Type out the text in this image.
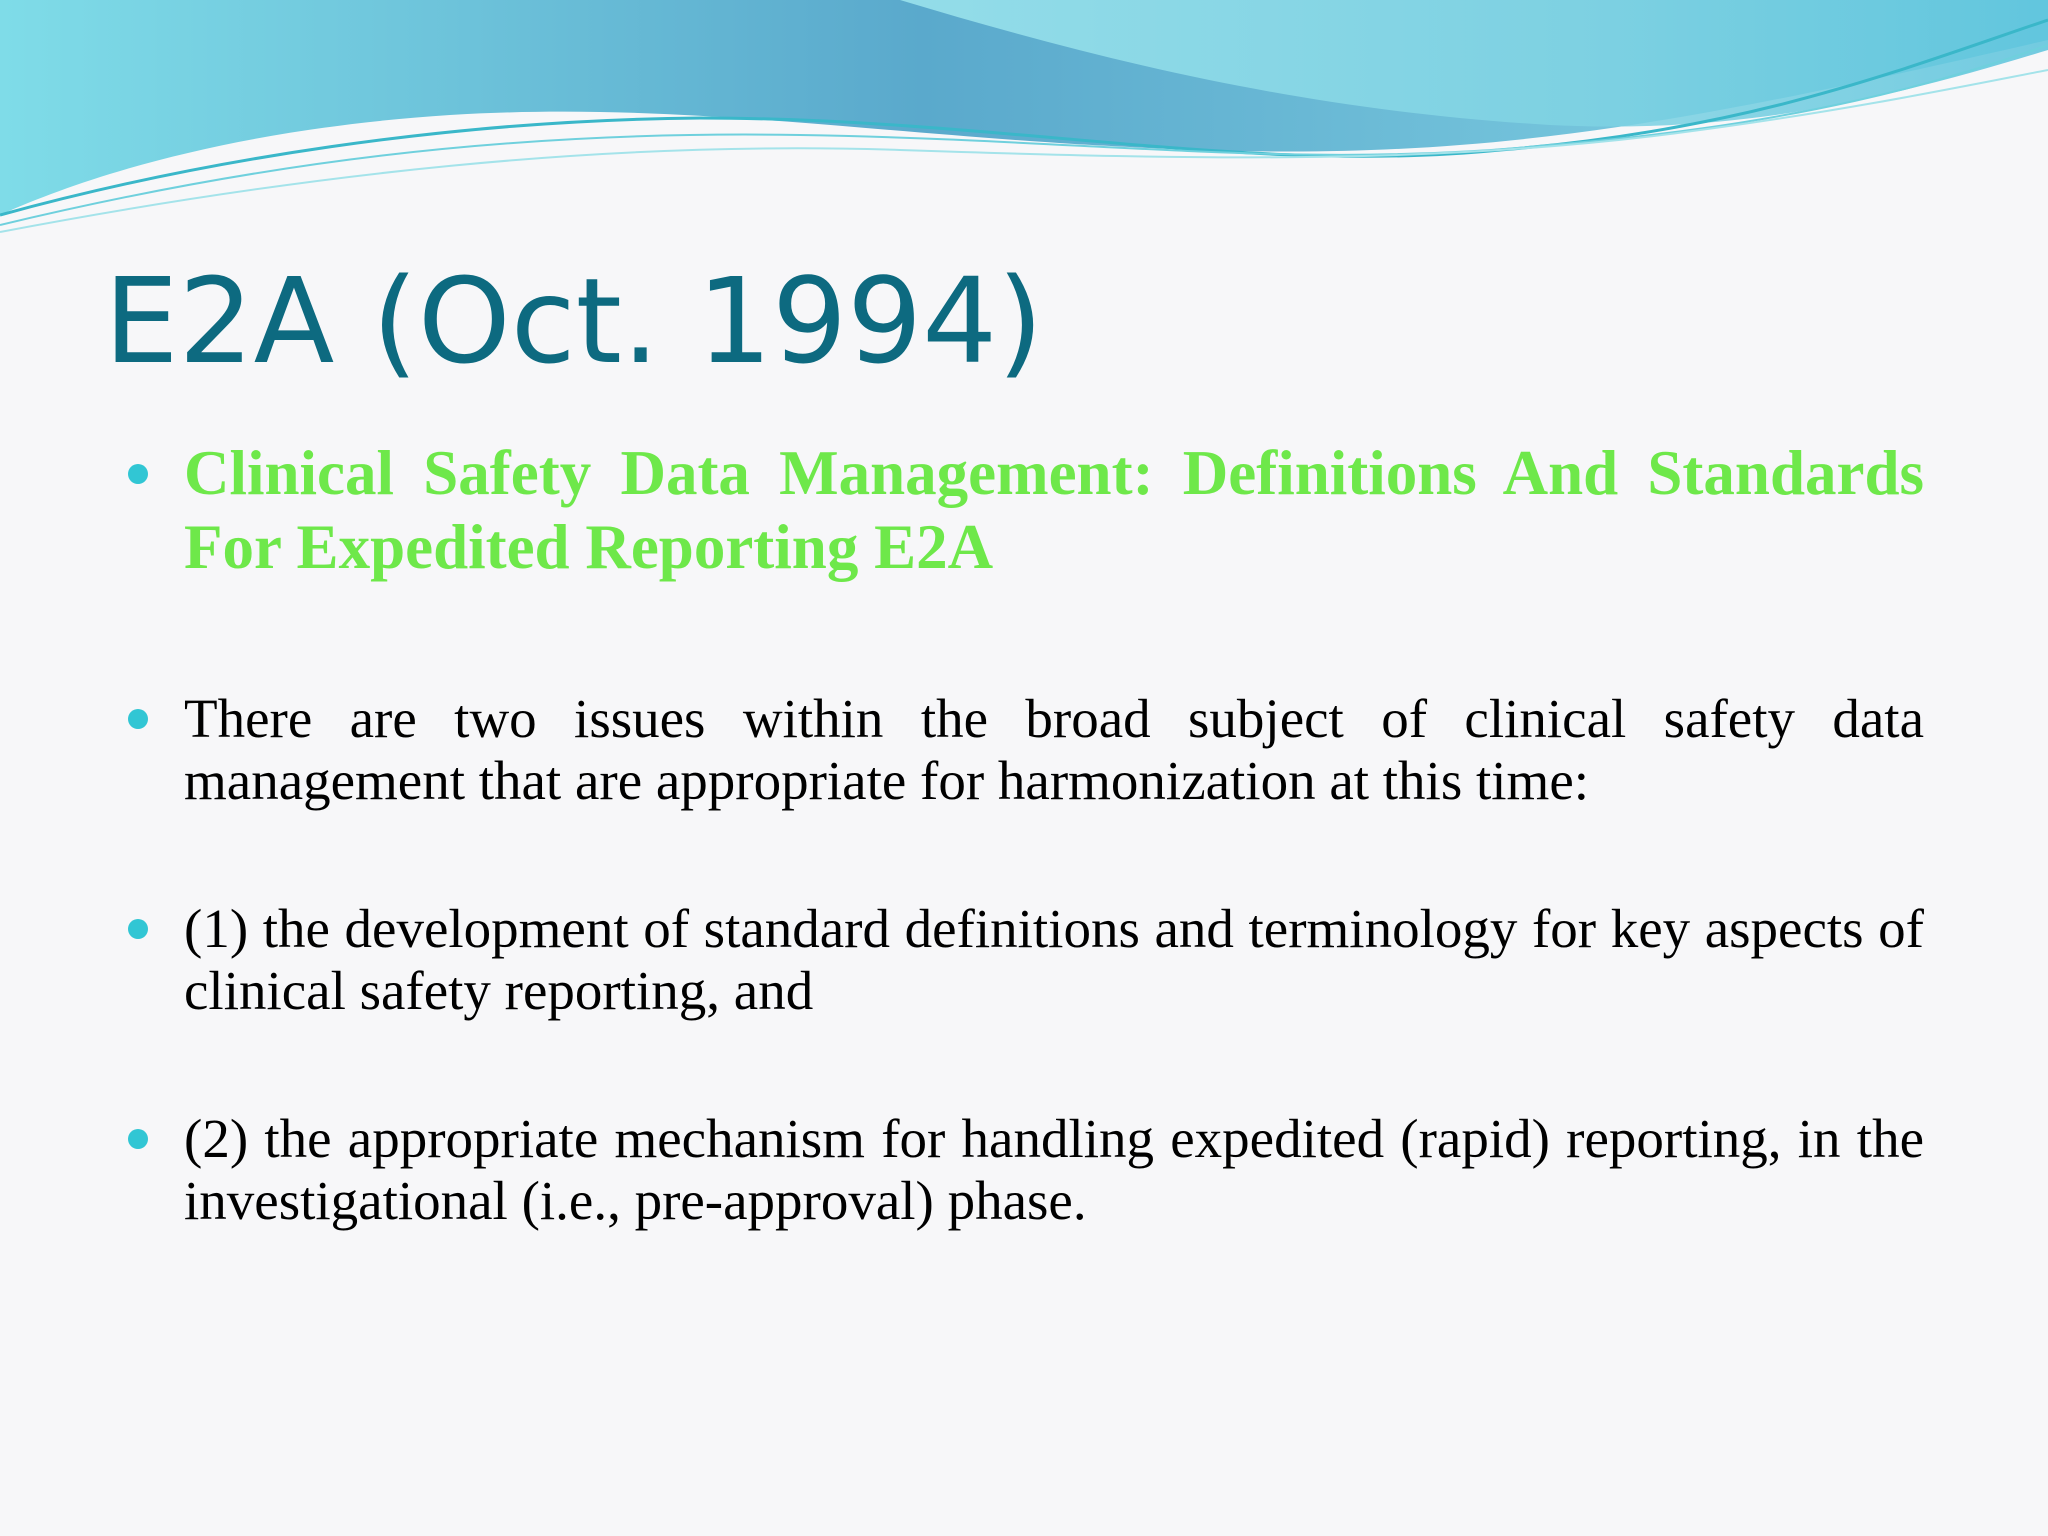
E2A (Oct. 1994)
Clinical Safety Data Management: Definitions And Standards For Expedited Reporting E2A
There are two issues within the broad subject of clinical safety data management that are appropriate for harmonization at this time:
(1) the development of standard definitions and terminology for key aspects of clinical safety reporting, and
(2) the appropriate mechanism for handling expedited (rapid) reporting, in the investigational (i.e., pre-approval) phase.
